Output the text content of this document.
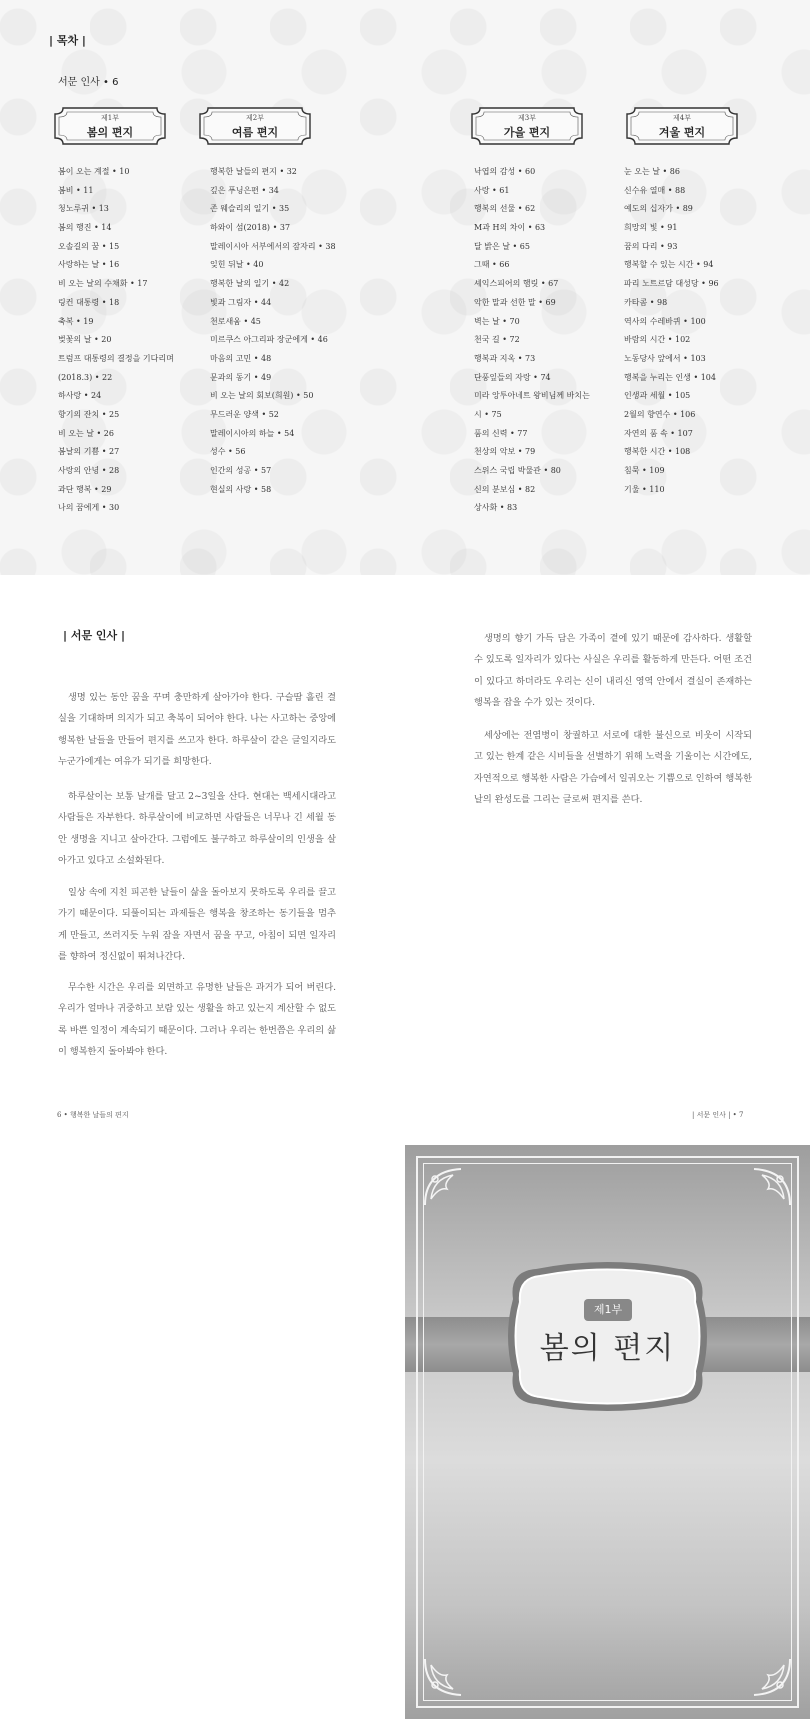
| 목차 |
서문 인사 • 6
제1부
봄의 편지
제2부
여름 편지
제3부
가을 편지
제4부
겨울 편지
봄이 오는 계절 • 10
봄비 • 11
청노루귀 • 13
봄의 행진 • 14
오솔길의 꿈 • 15
사랑하는 날 • 16
비 오는 날의 수채화 • 17
링컨 대통령 • 18
축복 • 19
벚꽃의 날 • 20
트럼프 대통령의 결정을 기다리며
(2018.3) • 22
하사랑 • 24
향기의 잔치 • 25
비 오는 날 • 26
봄날의 기쁨 • 27
사랑의 안녕 • 28
과단 행복 • 29
나의 꿈에게 • 30
행복한 날들의 편지 • 32
깊은 푸닝은편 • 34
존 웨슬리의 일기 • 35
하와이 섬(2018) • 37
말레이시아 서부에서의 잠자리 • 38
잊힌 뒤날 • 40
행복한 날의 일기 • 42
빛과 그림자 • 44
천로새움 • 45
미르쿠스 아그리파 장군에게 • 46
마음의 고민 • 48
문과의 동기 • 49
비 오는 날의 회보(희원) • 50
무드러운 양색 • 52
말레이시아의 하늘 • 54
성수 • 56
인간의 성공 • 57
현실의 사랑 • 58
낙엽의 감성 • 60
사랑 • 61
행복의 선물 • 62
M과 H의 차이 • 63
달 밝은 날 • 65
그때 • 66
셰익스피어의 햄릿 • 67
악한 말과 선한 말 • 69
벽는 날 • 70
천국 길 • 72
행복과 지옥 • 73
단풍잎들의 자랑 • 74
미라 앙투아네트 왕비님께 바치는
시 • 75
품의 신력 • 77
천상의 악보 • 79
스위스 국립 박물관 • 80
신의 분보심 • 82
상사화 • 83
눈 오는 날 • 86
신수유 열매 • 88
예도의 십자가 • 89
희망의 빛 • 91
꿈의 다리 • 93
행복할 수 있는 시간 • 94
파리 노트르담 대성당 • 96
카타콤 • 98
역사의 수레바퀴 • 100
바람의 시간 • 102
노동당사 앞에서 • 103
행복을 누리는 인생 • 104
인생과 세월 • 105
2월의 향연수 • 106
자연의 품 속 • 107
행복한 시간 • 108
침묵 • 109
기울 • 110
| 서문 인사 |

생명 있는 동안 꿈을 꾸며 충만하게 살아가야 한다. 구슬땀 흘린 결실을 기대하며 의지가 되고 축복이 되어야 한다. 나는 사고하는 중앙에 행복한 날들을 만들어 편지를 쓰고자 한다. 하루살이 같은 글일지라도 누군가에게는 여유가 되기를 희망한다.

하루살이는 보통 날개를 달고 2~3일을 산다. 현대는 백세시대라고 사람들은 자부한다. 하루살이에 비교하면 사람들은 너무나 긴 세월 동안 생명을 지니고 살아간다. 그럼에도 불구하고 하루살이의 인생을 살아가고 있다고 소설화된다.

일상 속에 지친 피곤한 날들이 삶을 돌아보지 못하도록 우리를 끌고 가기 때문이다. 되풀이되는 과제들은 행복을 창조하는 동기들을 멈추게 만들고, 쓰러지듯 누워 잠을 자면서 꿈을 꾸고, 아침이 되면 일자리를 향하여 정신없이 뛰쳐나간다.

무수한 시간은 우리를 외면하고 유명한 날들은 과거가 되어 버린다. 우리가 얼마나 귀중하고 보람 있는 생활을 하고 있는지 계산할 수 없도록 바쁜 일정이 계속되기 때문이다. 그러나 우리는 한번쯤은 우리의 삶이 행복한지 돌아봐야 한다.

생명의 향기 가득 담은 가족이 곁에 있기 때문에 감사하다. 생활할 수 있도록 일자리가 있다는 사실은 우리를 활동하게 만든다. 어떤 조건이 있다고 하더라도 우리는 신이 내리신 영역 안에서 결실이 존재하는 행복을 잡을 수가 있는 것이다.

세상에는 전염병이 창궐하고 서로에 대한 불신으로 비웃이 시작되고 있는 한계 같은 시비들을 선별하기 위해 노력을 기울이는 시간에도, 자연적으로 행복한 사람은 가슴에서 일궈오는 기쁨으로 인하여 행복한 날의 완성도를 그리는 글로써 편지를 쓴다.

6 • 행복한 날들의 편지	| 서문 인사 | • 7
제1부
봄의 편지
